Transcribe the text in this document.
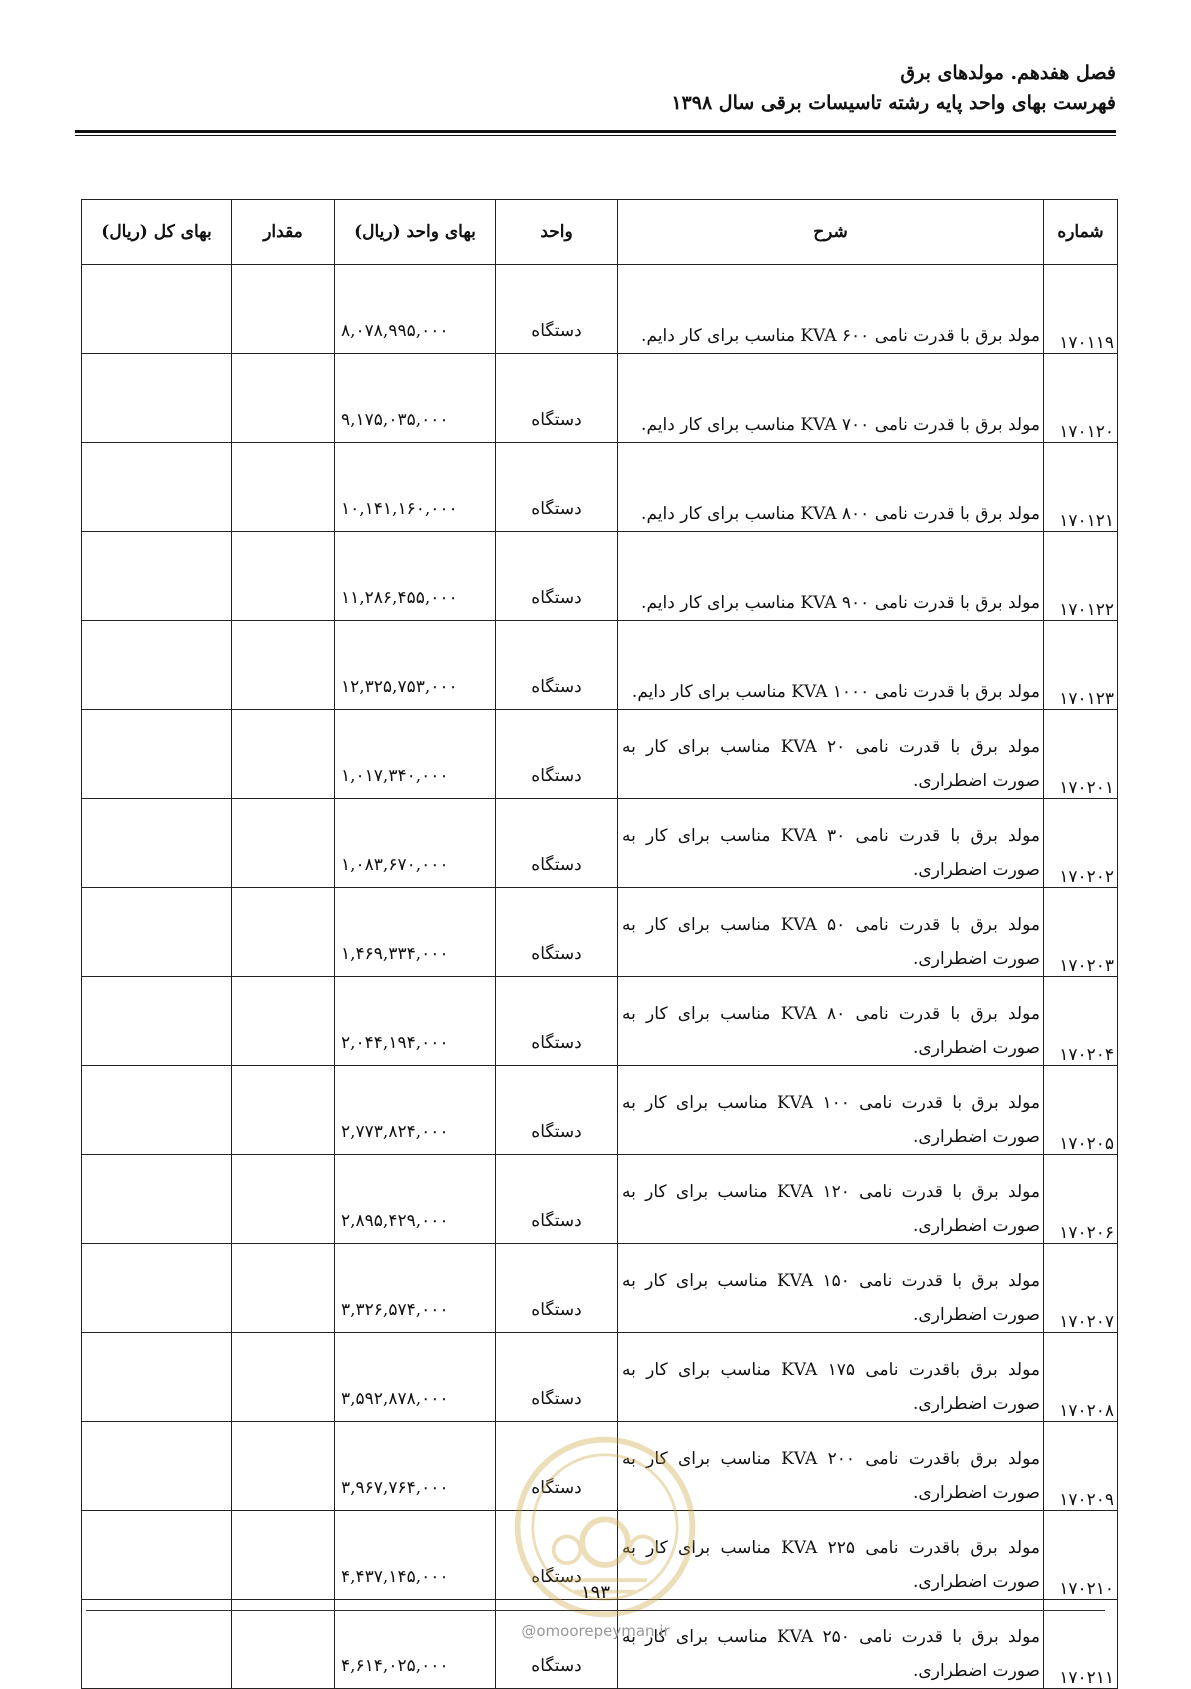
فصل هفدهم. مولدهای برق
فهرست بهای واحد پایه رشته تاسیسات برقی سال ۱۳۹۸
شماره	شرح	واحد	بهای واحد (ریال)	مقدار	بهای کل (ریال)
۱۷۰۱۱۹	مولد برق با قدرت نامی ۶۰۰ KVA مناسب برای کار دایم.	دستگاه	۸,۰۷۸,۹۹۵,۰۰۰		
۱۷۰۱۲۰	مولد برق با قدرت نامی ۷۰۰ KVA مناسب برای کار دایم.	دستگاه	۹,۱۷۵,۰۳۵,۰۰۰		
۱۷۰۱۲۱	مولد برق با قدرت نامی ۸۰۰ KVA مناسب برای کار دایم.	دستگاه	۱۰,۱۴۱,۱۶۰,۰۰۰		
۱۷۰۱۲۲	مولد برق با قدرت نامی ۹۰۰ KVA مناسب برای کار دایم.	دستگاه	۱۱,۲۸۶,۴۵۵,۰۰۰		
۱۷۰۱۲۳	مولد برق با قدرت نامی ۱۰۰۰ KVA مناسب برای کار دایم.	دستگاه	۱۲,۳۲۵,۷۵۳,۰۰۰		
۱۷۰۲۰۱	مولد برق با قدرت نامی ۲۰ KVA مناسب برای کار به صورت اضطراری.	دستگاه	۱,۰۱۷,۳۴۰,۰۰۰		
۱۷۰۲۰۲	مولد برق با قدرت نامی ۳۰ KVA مناسب برای کار به صورت اضطراری.	دستگاه	۱,۰۸۳,۶۷۰,۰۰۰		
۱۷۰۲۰۳	مولد برق با قدرت نامی ۵۰ KVA مناسب برای کار به صورت اضطراری.	دستگاه	۱,۴۶۹,۳۳۴,۰۰۰		
۱۷۰۲۰۴	مولد برق با قدرت نامی ۸۰ KVA مناسب برای کار به صورت اضطراری.	دستگاه	۲,۰۴۴,۱۹۴,۰۰۰		
۱۷۰۲۰۵	مولد برق با قدرت نامی ۱۰۰ KVA مناسب برای کار به صورت اضطراری.	دستگاه	۲,۷۷۳,۸۲۴,۰۰۰		
۱۷۰۲۰۶	مولد برق با قدرت نامی ۱۲۰ KVA مناسب برای کار به صورت اضطراری.	دستگاه	۲,۸۹۵,۴۲۹,۰۰۰		
۱۷۰۲۰۷	مولد برق با قدرت نامی ۱۵۰ KVA مناسب برای کار به صورت اضطراری.	دستگاه	۳,۳۲۶,۵۷۴,۰۰۰		
۱۷۰۲۰۸	مولد برق باقدرت نامی ۱۷۵ KVA مناسب برای کار به صورت اضطراری.	دستگاه	۳,۵۹۲,۸۷۸,۰۰۰		
۱۷۰۲۰۹	مولد برق باقدرت نامی ۲۰۰ KVA مناسب برای کار به صورت اضطراری.	دستگاه	۳,۹۶۷,۷۶۴,۰۰۰		
۱۷۰۲۱۰	مولد برق باقدرت نامی ۲۲۵ KVA مناسب برای کار به صورت اضطراری.	دستگاه	۴,۴۳۷,۱۴۵,۰۰۰		
۱۷۰۲۱۱	مولد برق با قدرت نامی ۲۵۰ KVA مناسب برای کار به صورت اضطراری.	دستگاه	۴,۶۱۴,۰۲۵,۰۰۰		
۱۹۳
@omoorepeyman.ir
